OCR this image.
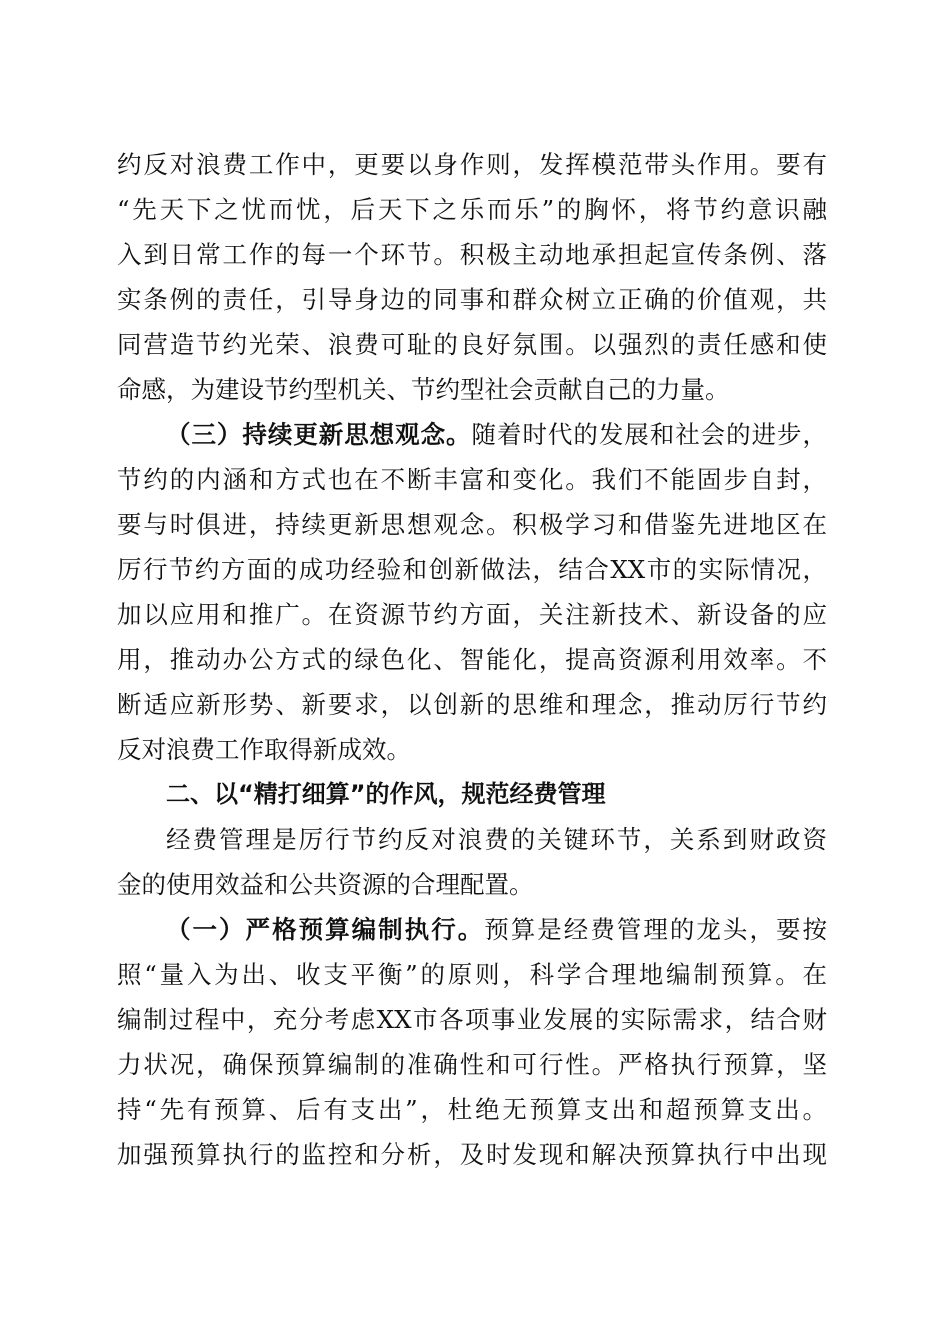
约反对浪费工作中，更要以身作则，发挥模范带头作用。要有
“先天下之忧而忧，后天下之乐而乐”的胸怀，将节约意识融
入到日常工作的每一个环节。积极主动地承担起宣传条例、落
实条例的责任，引导身边的同事和群众树立正确的价值观，共
同营造节约光荣、浪费可耻的良好氛围。以强烈的责任感和使
命感，为建设节约型机关、节约型社会贡献自己的力量。
（三）持续更新思想观念。随着时代的发展和社会的进步，
节约的内涵和方式也在不断丰富和变化。我们不能固步自封，
要与时俱进，持续更新思想观念。积极学习和借鉴先进地区在
厉行节约方面的成功经验和创新做法，结合XX市的实际情况，
加以应用和推广。在资源节约方面，关注新技术、新设备的应
用，推动办公方式的绿色化、智能化，提高资源利用效率。不
断适应新形势、新要求，以创新的思维和理念，推动厉行节约
反对浪费工作取得新成效。
二、以“精打细算”的作风，规范经费管理
经费管理是厉行节约反对浪费的关键环节，关系到财政资
金的使用效益和公共资源的合理配置。
（一）严格预算编制执行。预算是经费管理的龙头，要按
照“量入为出、收支平衡”的原则，科学合理地编制预算。在
编制过程中，充分考虑XX市各项事业发展的实际需求，结合财
力状况，确保预算编制的准确性和可行性。严格执行预算，坚
持“先有预算、后有支出”，杜绝无预算支出和超预算支出。
加强预算执行的监控和分析，及时发现和解决预算执行中出现
